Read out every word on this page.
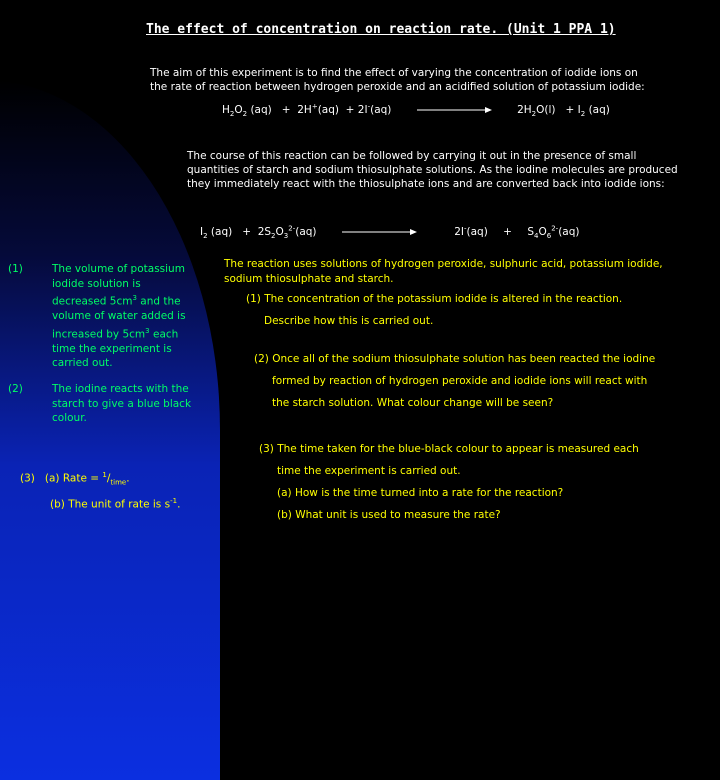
The effect of concentration on reaction rate. (Unit 1 PPA 1)
The aim of this experiment is to find the effect of varying the concentration of iodide ions on
the rate of reaction between hydrogen peroxide and an acidified solution of potassium iodide:
$H_2O_2$ (aq)   +  2H+(aq)  + 2I-(aq)	$2H_2O(l) + I_2$ (aq)
The course of this reaction can be followed by carrying it out in the presence of small
quantities of starch and sodium thiosulphate solutions. As the iodine molecules are produced
they immediately react with the thiosulphate ions and are converted back into iodide ions:
$I_2$ $(aq) + 2S_2O_3^{2-}(aq)$	$2I^-(aq) + S_4O_6^{2-}(aq)$
The reaction uses solutions of hydrogen peroxide, sulphuric acid, potassium iodide,
sodium thiosulphate and starch.
(1) The concentration of the potassium iodide is altered in the reaction.
Describe how this is carried out.
(2) Once all of the sodium thiosulphate solution has been reacted the iodine
formed by reaction of hydrogen peroxide and iodide ions will react with
the starch solution. What colour change will be seen?
(3) The time taken for the blue-black colour to appear is measured each
time the experiment is carried out.
(a) How is the time turned into a rate for the reaction?
(b) What unit is used to measure the rate?
(1)	The volume of potassium iodide solution is decreased $5cm^3$ and the volume of water added is increased by $5cm^3$ each time the experiment is carried out.
(2)	The iodine reacts with the starch to give a blue black colour.
(3)   (a) Rate = $^1/_{time}$.
(b) The unit of rate is $s^{-1}$.
